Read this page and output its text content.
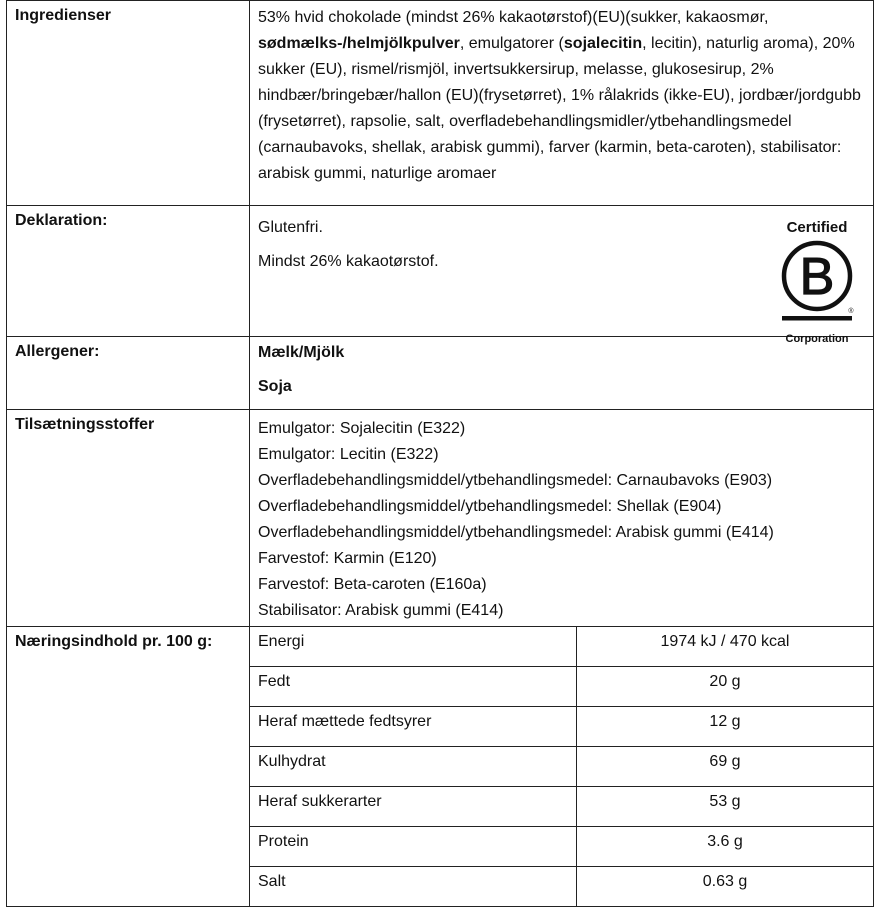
Ingredienser	53% hvid chokolade (mindst 26% kakaotørstof)(EU)(sukker, kakaosmør, sødmælks-/helmjölkpulver, emulgatorer (sojalecitin, lecitin), naturlig aroma), 20% sukker (EU), rismel/rismjöl, invertsukkersirup, melasse, glukosesirup, 2% hindbær/bringebær/hallon (EU)(frysetørret), 1% rålakrids (ikke-EU), jordbær/jordgubb (frysetørret), rapsolie, salt, overfladebehandlingsmidler/ytbehandlingsmedel (carnaubavoks, shellak, arabisk gummi), farver (karmin, beta-caroten), stabilisator: arabisk gummi, naturlige aromaer

Deklaration:	Glutenfri.
Mindst 26% kakaotørstof.
Certified
B
®
Corporation

Allergener:	Mælk/Mjölk
Soja

Tilsætningsstoffer	Emulgator: Sojalecitin (E322)
Emulgator: Lecitin (E322)
Overfladebehandlingsmiddel/ytbehandlingsmedel: Carnaubavoks (E903)
Overfladebehandlingsmiddel/ytbehandlingsmedel: Shellak (E904)
Overfladebehandlingsmiddel/ytbehandlingsmedel: Arabisk gummi (E414)
Farvestof: Karmin (E120)
Farvestof: Beta-caroten (E160a)
Stabilisator: Arabisk gummi (E414)

Næringsindhold pr. 100 g:		Energi	1974 kJ / 470 kcal
Fedt	20 g
Heraf mættede fedtsyrer	12 g
Kulhydrat	69 g
Heraf sukkerarter	53 g
Protein	3.6 g
Salt	0.63 g
